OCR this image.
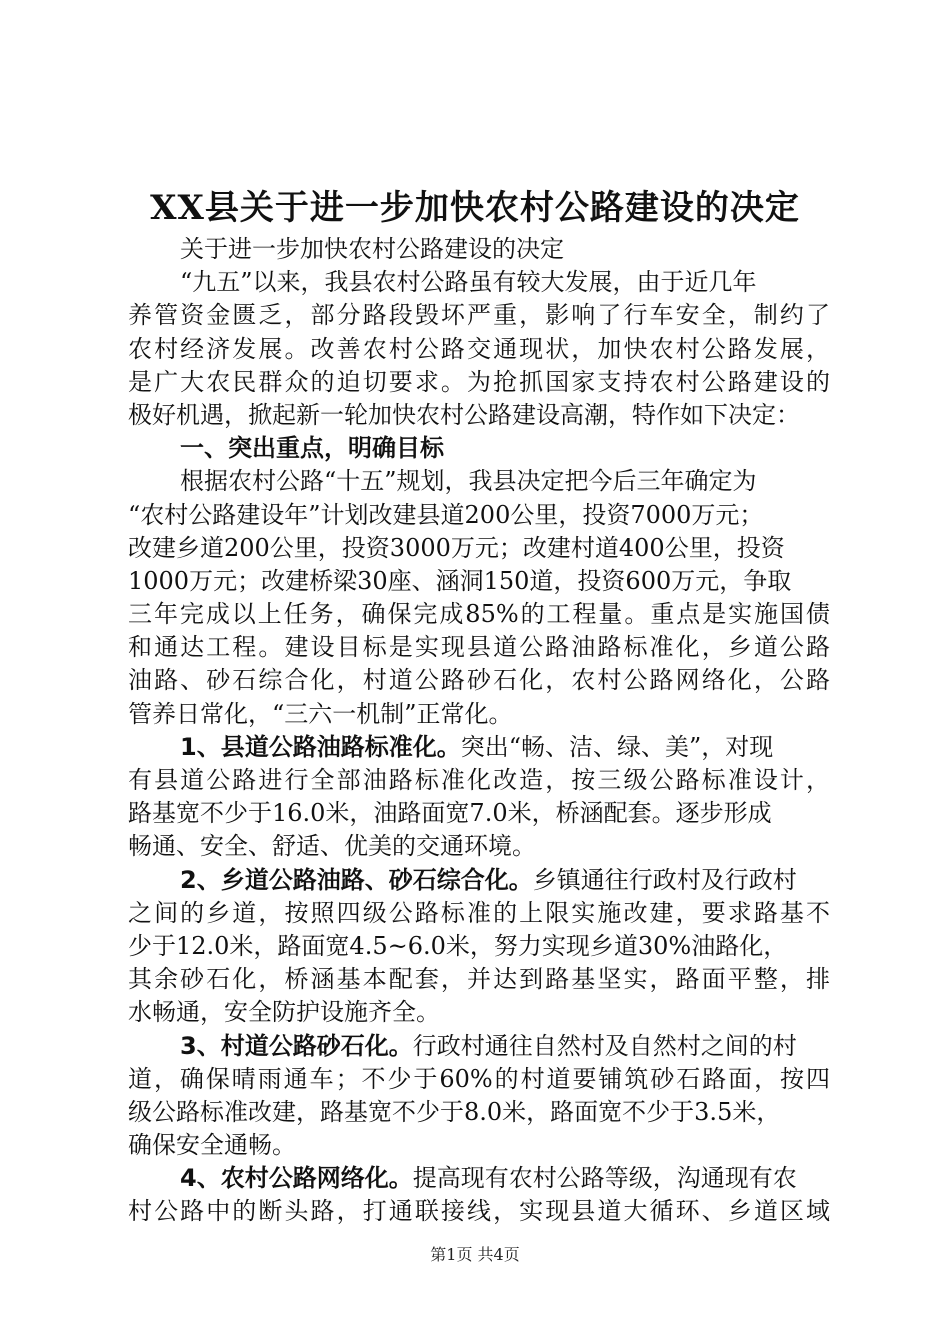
XX县关于进一步加快农村公路建设的决定
关于进一步加快农村公路建设的决定
“九五”以来，我县农村公路虽有较大发展，由于近几年
养管资金匮乏，部分路段毁坏严重，影响了行车安全，制约了
农村经济发展。改善农村公路交通现状，加快农村公路发展，
是广大农民群众的迫切要求。为抢抓国家支持农村公路建设的
极好机遇，掀起新一轮加快农村公路建设高潮，特作如下决定：
一、突出重点，明确目标
根据农村公路“十五”规划，我县决定把今后三年确定为
“农村公路建设年”计划改建县道200公里，投资7000万元；
改建乡道200公里，投资3000万元；改建村道400公里，投资
1000万元；改建桥梁30座、涵洞150道，投资600万元，争取
三年完成以上任务，确保完成85%的工程量。重点是实施国债
和通达工程。建设目标是实现县道公路油路标准化，乡道公路
油路、砂石综合化，村道公路砂石化，农村公路网络化，公路
管养日常化，“三六一机制”正常化。
1、县道公路油路标准化。突出“畅、洁、绿、美”，对现
有县道公路进行全部油路标准化改造，按三级公路标准设计，
路基宽不少于16.0米，油路面宽7.0米，桥涵配套。逐步形成
畅通、安全、舒适、优美的交通环境。
2、乡道公路油路、砂石综合化。乡镇通往行政村及行政村
之间的乡道，按照四级公路标准的上限实施改建，要求路基不
少于12.0米，路面宽4.5~6.0米，努力实现乡道30%油路化，
其余砂石化，桥涵基本配套，并达到路基坚实，路面平整，排
水畅通，安全防护设施齐全。
3、村道公路砂石化。行政村通往自然村及自然村之间的村
道，确保晴雨通车；不少于60%的村道要铺筑砂石路面，按四
级公路标准改建，路基宽不少于8.0米，路面宽不少于3.5米，
确保安全通畅。
4、农村公路网络化。提高现有农村公路等级，沟通现有农
村公路中的断头路，打通联接线，实现县道大循环、乡道区域
第1页 共4页
